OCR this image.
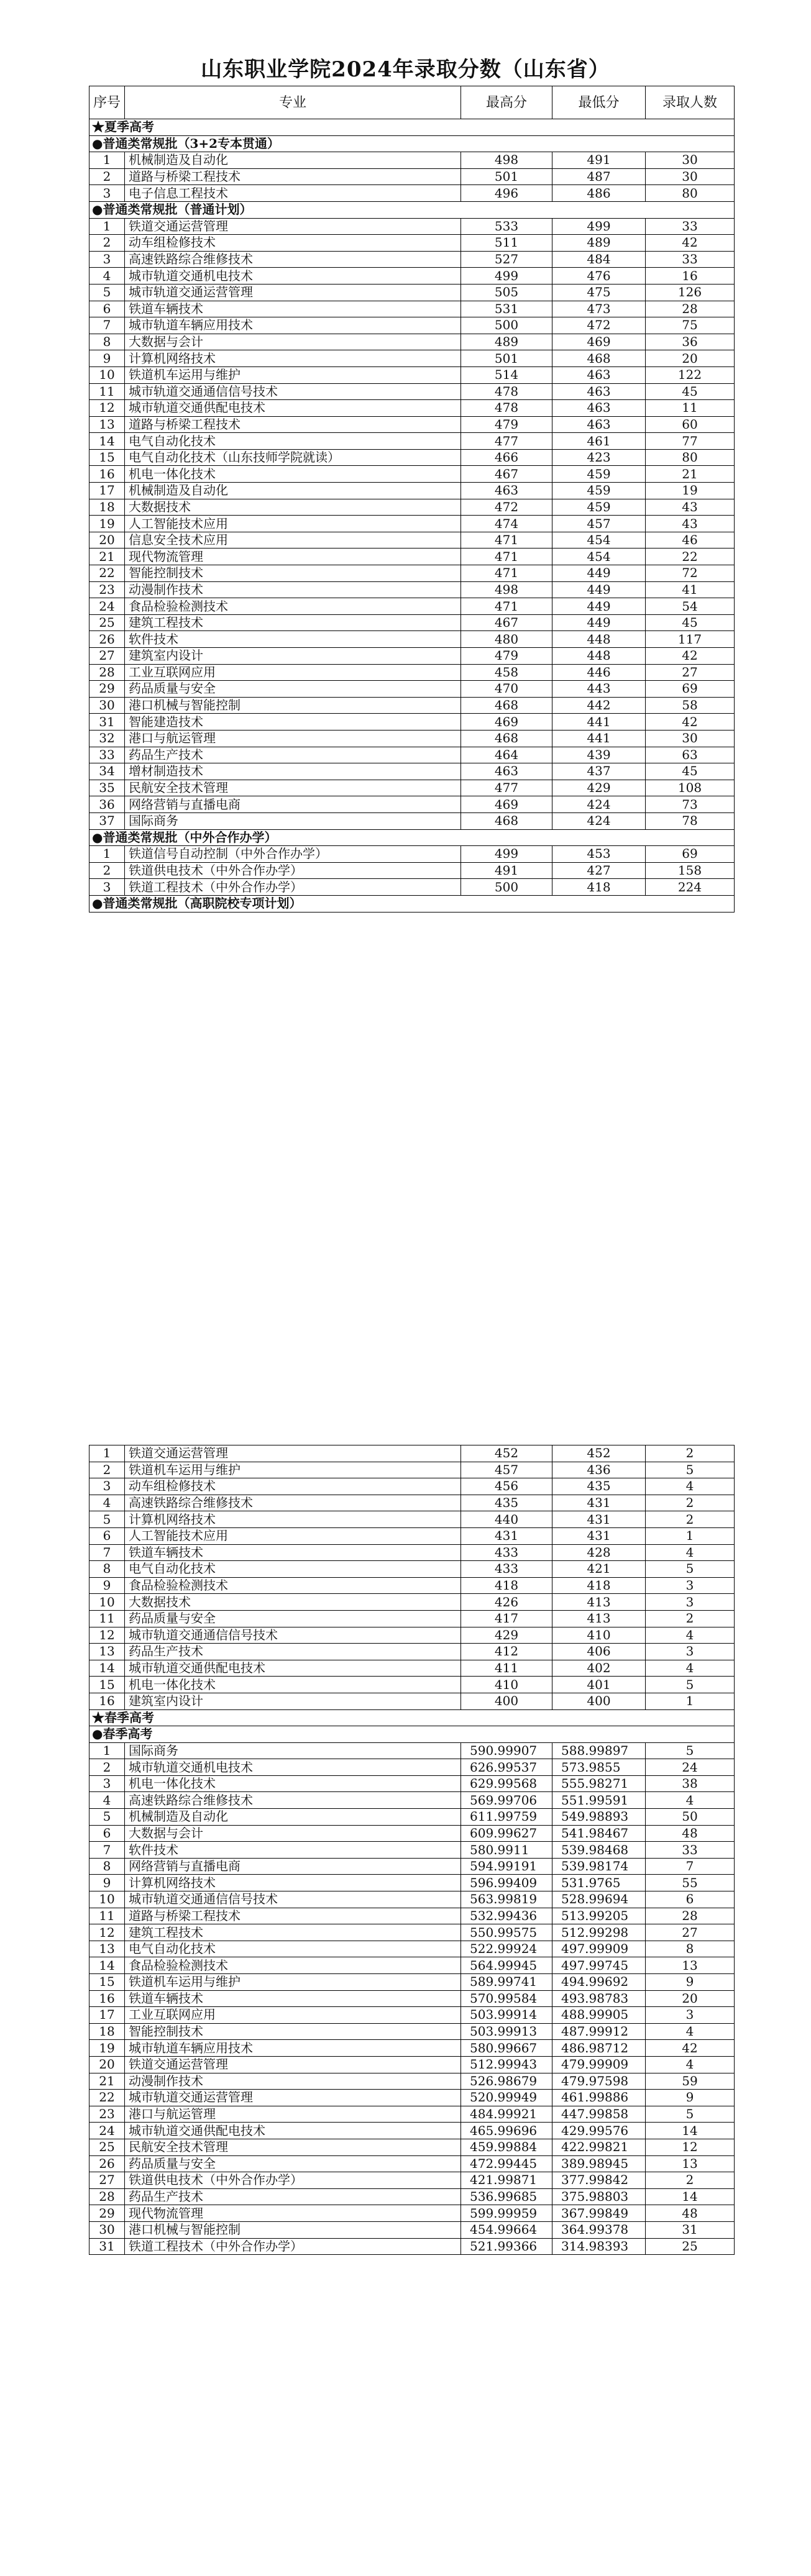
山东职业学院2024年录取分数（山东省）
序号	专业	最高分	最低分	录取人数
★夏季高考				
●普通类常规批（3+2专本贯通）				
1	机械制造及自动化	498	491	30
2	道路与桥梁工程技术	501	487	30
3	电子信息工程技术	496	486	80
●普通类常规批（普通计划）				
1	铁道交通运营管理	533	499	33
2	动车组检修技术	511	489	42
3	高速铁路综合维修技术	527	484	33
4	城市轨道交通机电技术	499	476	16
5	城市轨道交通运营管理	505	475	126
6	铁道车辆技术	531	473	28
7	城市轨道车辆应用技术	500	472	75
8	大数据与会计	489	469	36
9	计算机网络技术	501	468	20
10	铁道机车运用与维护	514	463	122
11	城市轨道交通通信信号技术	478	463	45
12	城市轨道交通供配电技术	478	463	11
13	道路与桥梁工程技术	479	463	60
14	电气自动化技术	477	461	77
15	电气自动化技术（山东技师学院就读）	466	423	80
16	机电一体化技术	467	459	21
17	机械制造及自动化	463	459	19
18	大数据技术	472	459	43
19	人工智能技术应用	474	457	43
20	信息安全技术应用	471	454	46
21	现代物流管理	471	454	22
22	智能控制技术	471	449	72
23	动漫制作技术	498	449	41
24	食品检验检测技术	471	449	54
25	建筑工程技术	467	449	45
26	软件技术	480	448	117
27	建筑室内设计	479	448	42
28	工业互联网应用	458	446	27
29	药品质量与安全	470	443	69
30	港口机械与智能控制	468	442	58
31	智能建造技术	469	441	42
32	港口与航运管理	468	441	30
33	药品生产技术	464	439	63
34	增材制造技术	463	437	45
35	民航安全技术管理	477	429	108
36	网络营销与直播电商	469	424	73
37	国际商务	468	424	78
●普通类常规批（中外合作办学）				
1	铁道信号自动控制（中外合作办学）	499	453	69
2	铁道供电技术（中外合作办学）	491	427	158
3	铁道工程技术（中外合作办学）	500	418	224
●普通类常规批（高职院校专项计划）				
1	铁道交通运营管理	452	452	2
2	铁道机车运用与维护	457	436	5
3	动车组检修技术	456	435	4
4	高速铁路综合维修技术	435	431	2
5	计算机网络技术	440	431	2
6	人工智能技术应用	431	431	1
7	铁道车辆技术	433	428	4
8	电气自动化技术	433	421	5
9	食品检验检测技术	418	418	3
10	大数据技术	426	413	3
11	药品质量与安全	417	413	2
12	城市轨道交通通信信号技术	429	410	4
13	药品生产技术	412	406	3
14	城市轨道交通供配电技术	411	402	4
15	机电一体化技术	410	401	5
16	建筑室内设计	400	400	1
★春季高考				
●春季高考				
1	国际商务	590.99907	588.99897	5
2	城市轨道交通机电技术	626.99537	573.9855	24
3	机电一体化技术	629.99568	555.98271	38
4	高速铁路综合维修技术	569.99706	551.99591	4
5	机械制造及自动化	611.99759	549.98893	50
6	大数据与会计	609.99627	541.98467	48
7	软件技术	580.9911	539.98468	33
8	网络营销与直播电商	594.99191	539.98174	7
9	计算机网络技术	596.99409	531.9765	55
10	城市轨道交通通信信号技术	563.99819	528.99694	6
11	道路与桥梁工程技术	532.99436	513.99205	28
12	建筑工程技术	550.99575	512.99298	27
13	电气自动化技术	522.99924	497.99909	8
14	食品检验检测技术	564.99945	497.99745	13
15	铁道机车运用与维护	589.99741	494.99692	9
16	铁道车辆技术	570.99584	493.98783	20
17	工业互联网应用	503.99914	488.99905	3
18	智能控制技术	503.99913	487.99912	4
19	城市轨道车辆应用技术	580.99667	486.98712	42
20	铁道交通运营管理	512.99943	479.99909	4
21	动漫制作技术	526.98679	479.97598	59
22	城市轨道交通运营管理	520.99949	461.99886	9
23	港口与航运管理	484.99921	447.99858	5
24	城市轨道交通供配电技术	465.99696	429.99576	14
25	民航安全技术管理	459.99884	422.99821	12
26	药品质量与安全	472.99445	389.98945	13
27	铁道供电技术（中外合作办学）	421.99871	377.99842	2
28	药品生产技术	536.99685	375.98803	14
29	现代物流管理	599.99959	367.99849	48
30	港口机械与智能控制	454.99664	364.99378	31
31	铁道工程技术（中外合作办学）	521.99366	314.98393	25
